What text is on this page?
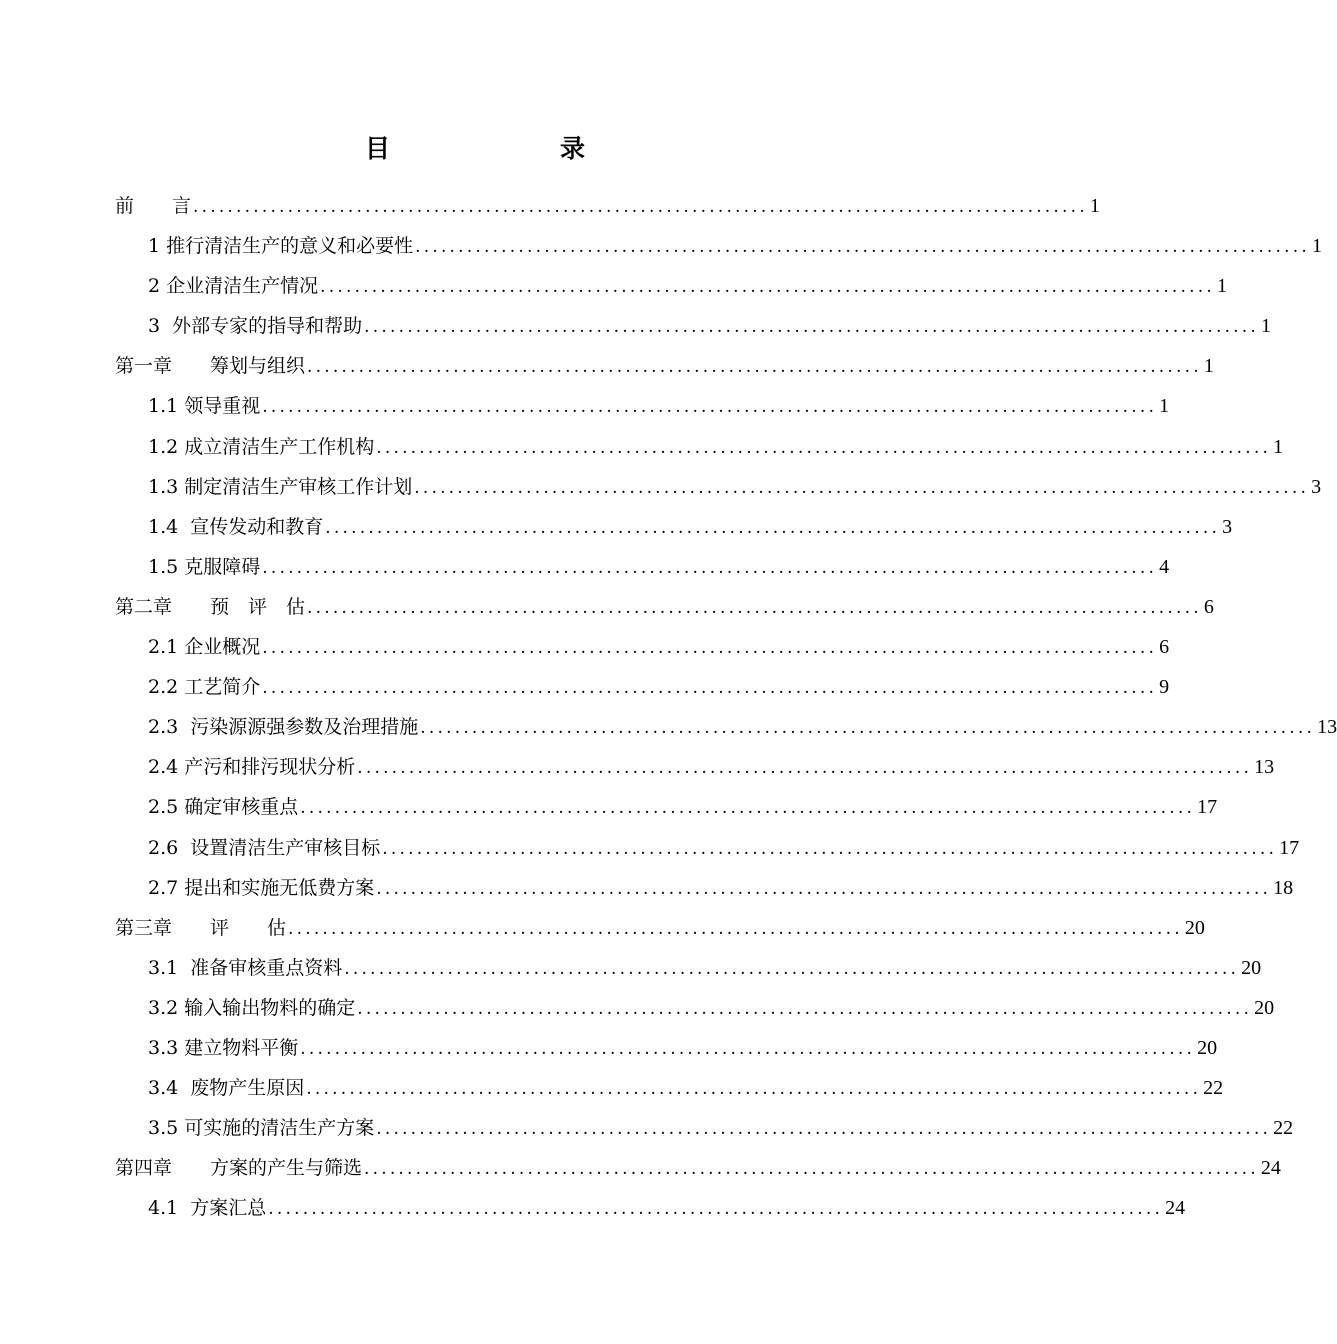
目　　录
前　　言 ........................................................................................................ 1
1 推行清洁生产的意义和必要性 ........................................................................................................ 1
2 企业清洁生产情况 ........................................................................................................ 1
3  外部专家的指导和帮助 ........................................................................................................ 1
第一章　　筹划与组织 ........................................................................................................ 1
1.1 领导重视 ........................................................................................................ 1
1.2 成立清洁生产工作机构 ........................................................................................................ 1
1.3 制定清洁生产审核工作计划 ........................................................................................................ 3
1.4  宣传发动和教育 ........................................................................................................ 3
1.5 克服障碍 ........................................................................................................ 4
第二章　　预　评　估 ........................................................................................................ 6
2.1 企业概况 ........................................................................................................ 6
2.2 工艺简介 ........................................................................................................ 9
2.3  污染源源强参数及治理措施 ........................................................................................................ 13
2.4 产污和排污现状分析 ........................................................................................................ 13
2.5 确定审核重点 ........................................................................................................ 17
2.6  设置清洁生产审核目标 ........................................................................................................ 17
2.7 提出和实施无低费方案 ........................................................................................................ 18
第三章　　评　　估 ........................................................................................................ 20
3.1  准备审核重点资料 ........................................................................................................ 20
3.2 输入输出物料的确定 ........................................................................................................ 20
3.3 建立物料平衡 ........................................................................................................ 20
3.4  废物产生原因 ........................................................................................................ 22
3.5 可实施的清洁生产方案 ........................................................................................................ 22
第四章　　方案的产生与筛选 ........................................................................................................ 24
4.1  方案汇总 ........................................................................................................ 24
